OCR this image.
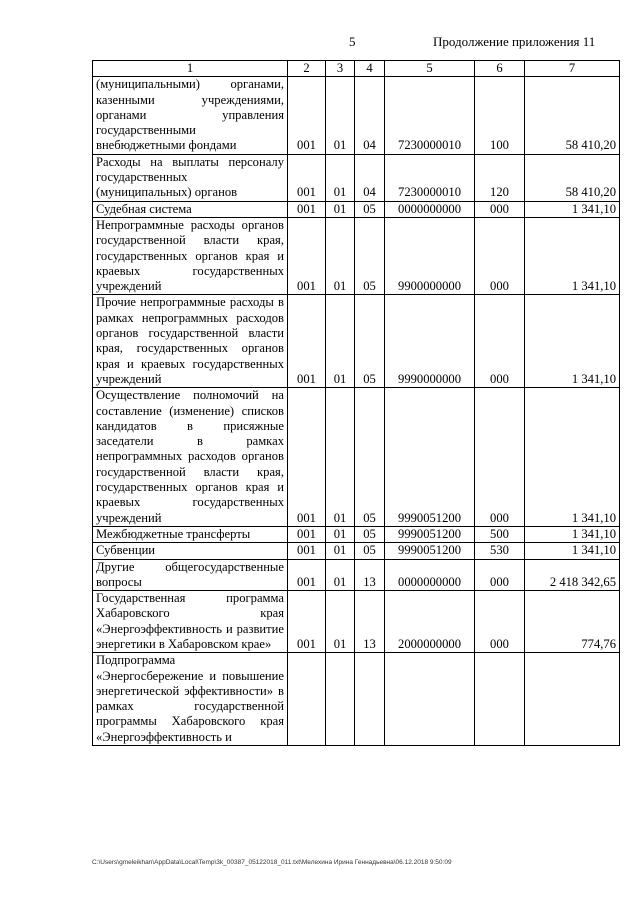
5	Продолжение приложения 11
1	2	3	4	5	6	7
(муниципальными) органами, казенными учреждениями, органами управления государственными внебюджетными фондами	001	01	04	7230000010	100	58 410,20
Расходы на выплаты персоналу государственных (муниципальных) органов	001	01	04	7230000010	120	58 410,20
Судебная система	001	01	05	0000000000	000	1 341,10
Непрограммные расходы органов государственной власти края, государственных органов края и краевых государственных учреждений	001	01	05	9900000000	000	1 341,10
Прочие непрограммные расходы в рамках непрограммных расходов органов государственной власти края, государственных органов края и краевых государственных учреждений	001	01	05	9990000000	000	1 341,10
Осуществление полномочий на составление (изменение) списков кандидатов в присяжные заседатели в рамках непрограммных расходов органов государственной власти края, государственных органов края и краевых государственных учреждений	001	01	05	9990051200	000	1 341,10
Межбюджетные трансферты	001	01	05	9990051200	500	1 341,10
Субвенции	001	01	05	9990051200	530	1 341,10
Другие общегосударственные вопросы	001	01	13	0000000000	000	2 418 342,65
Государственная программа Хабаровского края «Энергоэффективность и развитие энергетики в Хабаровском крае»	001	01	13	2000000000	000	774,76
Подпрограмма «Энергосбережение и повышение энергетической эффективности» в рамках государственной программы Хабаровского края «Энергоэффективность и						
C:\Users\gmeleikhan\AppData\Local\Temp\3k_00387_05122018_011.txt\Мелехина Ирина Геннадьевна\06.12.2018 9:50:09
